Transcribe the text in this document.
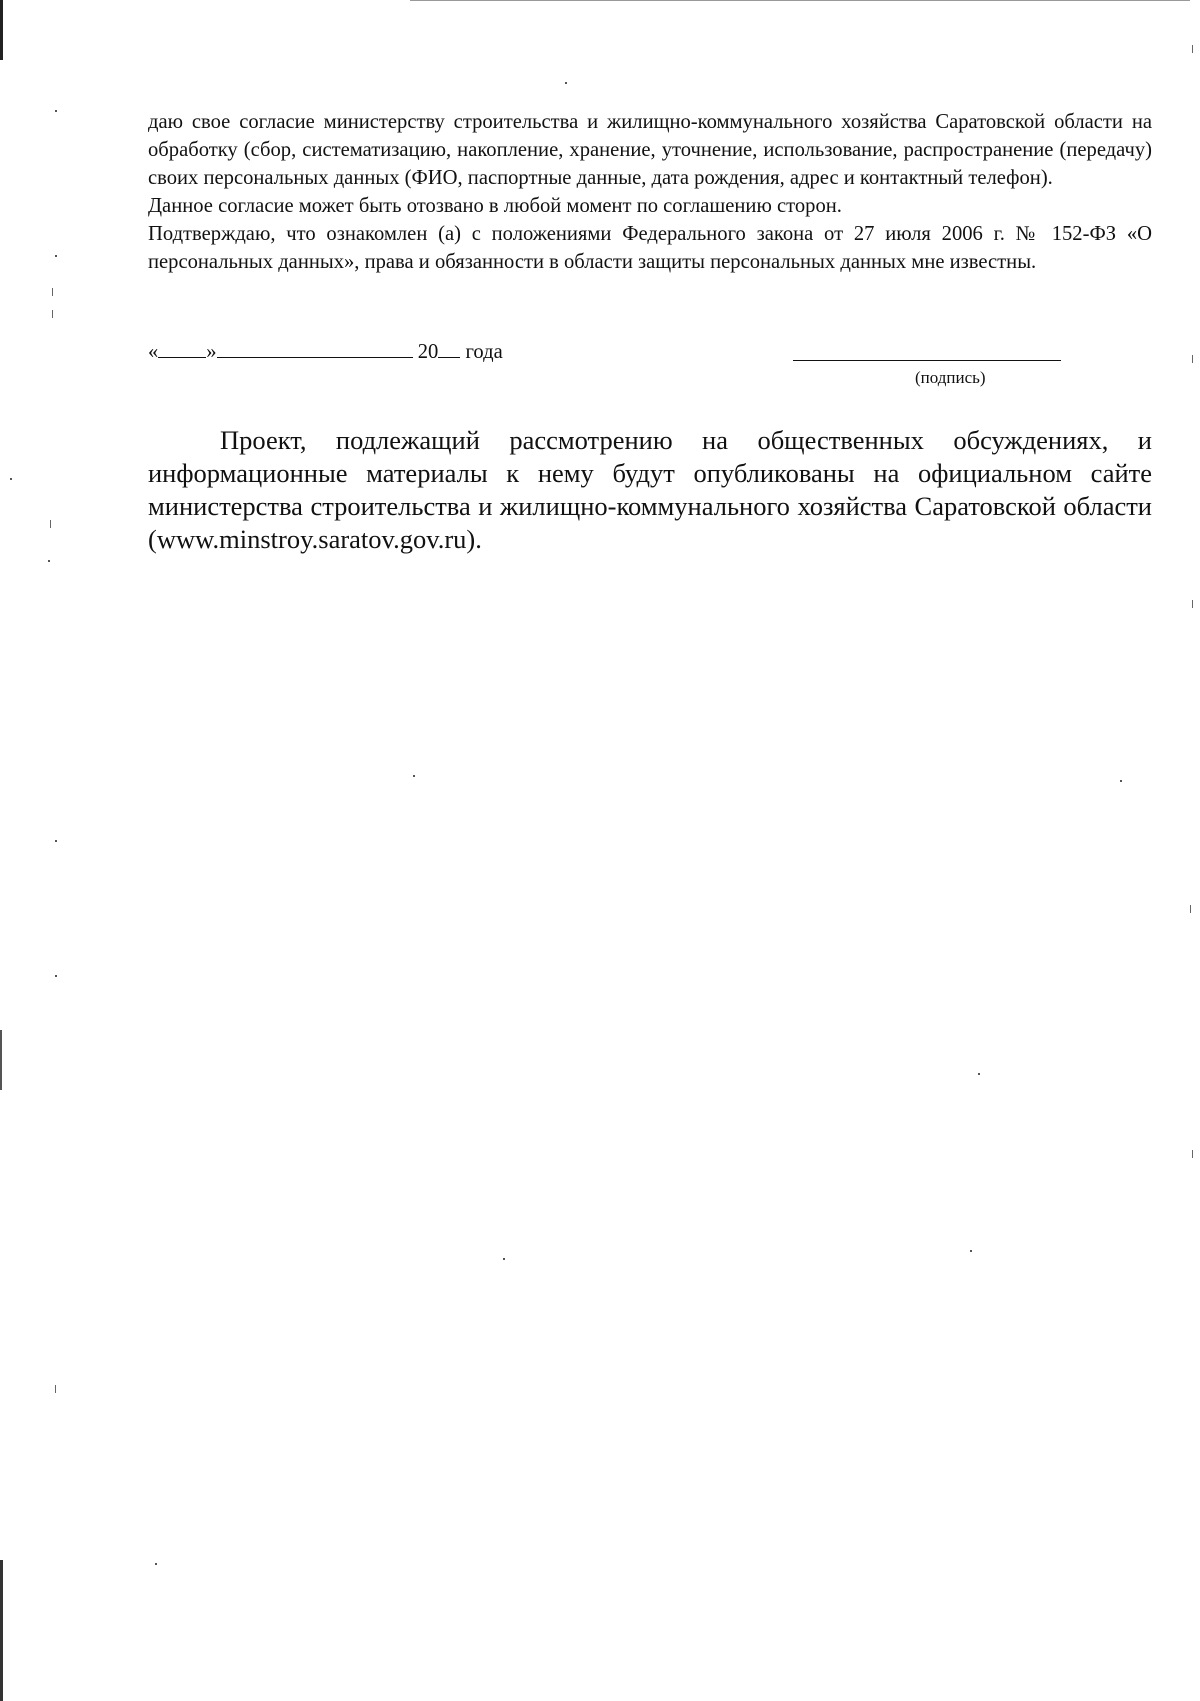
даю свое согласие министерству строительства и жилищно-коммунального хозяйства Саратовской области на обработку (сбор, систематизацию, накопление, хранение, уточнение, использование, распространение (передачу) своих персональных данных (ФИО, паспортные данные, дата рождения, адрес и контактный телефон).

Данное согласие может быть отозвано в любой момент по соглашению сторон.

Подтверждаю, что ознакомлен (а) с положениями Федерального закона от 27 июля 2006 г. № 152-ФЗ «О персональных данных», права и обязанности в области защиты персональных данных мне известны.

« »	20 года
(подпись)

Проект, подлежащий рассмотрению на общественных обсуждениях, и информационные материалы к нему будут опубликованы на официальном сайте министерства строительства и жилищно-коммунального хозяйства Саратовской области (www.minstroy.saratov.gov.ru).
